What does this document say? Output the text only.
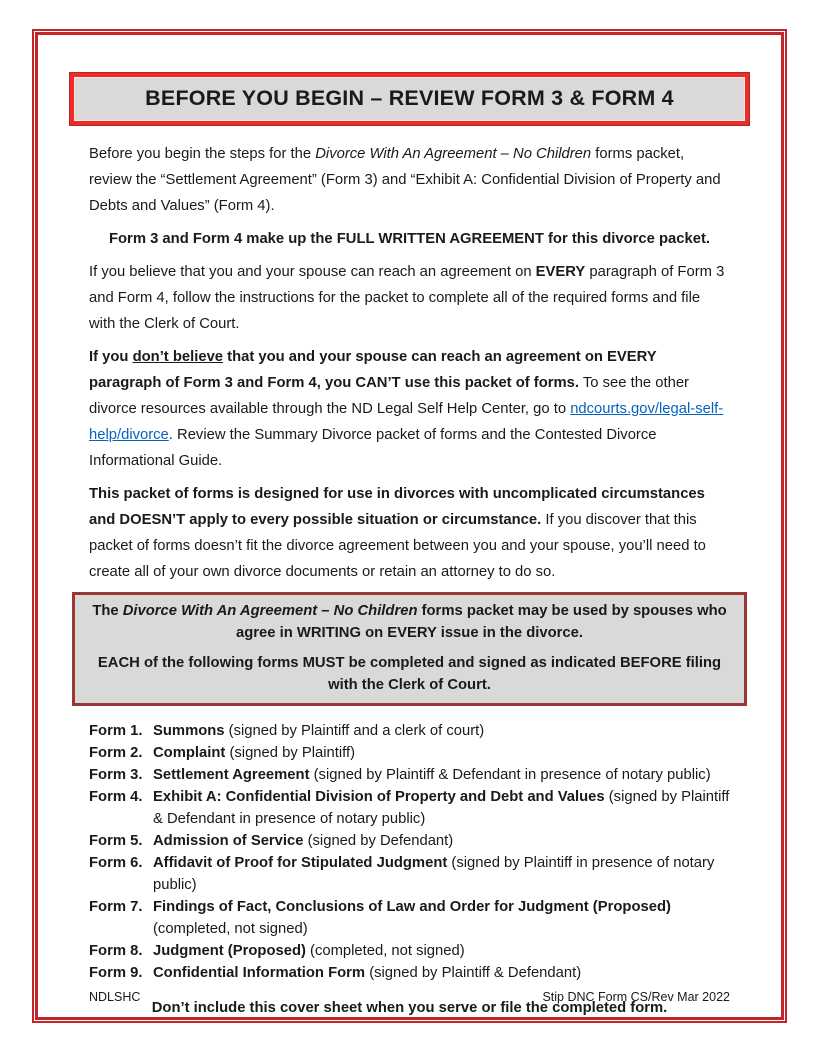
BEFORE YOU BEGIN – REVIEW FORM 3 & FORM 4

Before you begin the steps for the Divorce With An Agreement – No Children forms packet, review the “Settlement Agreement” (Form 3) and “Exhibit A: Confidential Division of Property and Debts and Values” (Form 4).

Form 3 and Form 4 make up the FULL WRITTEN AGREEMENT for this divorce packet.

If you believe that you and your spouse can reach an agreement on EVERY paragraph of Form 3 and Form 4, follow the instructions for the packet to complete all of the required forms and file with the Clerk of Court.

If you don’t believe that you and your spouse can reach an agreement on EVERY paragraph of Form 3 and Form 4, you CAN’T use this packet of forms. To see the other divorce resources available through the ND Legal Self Help Center, go to ndcourts.gov/legal-self-help/divorce. Review the Summary Divorce packet of forms and the Contested Divorce Informational Guide.

This packet of forms is designed for use in divorces with uncomplicated circumstances and DOESN’T apply to every possible situation or circumstance. If you discover that this packet of forms doesn’t fit the divorce agreement between you and your spouse, you’ll need to create all of your own divorce documents or retain an attorney to do so.

The Divorce With An Agreement – No Children forms packet may be used by spouses who agree in WRITING on EVERY issue in the divorce.

EACH of the following forms MUST be completed and signed as indicated BEFORE filing with the Clerk of Court.

Form 1. Summons (signed by Plaintiff and a clerk of court)
Form 2. Complaint (signed by Plaintiff)
Form 3. Settlement Agreement (signed by Plaintiff & Defendant in presence of notary public)
Form 4. Exhibit A: Confidential Division of Property and Debt and Values (signed by Plaintiff & Defendant in presence of notary public)
Form 5. Admission of Service (signed by Defendant)
Form 6. Affidavit of Proof for Stipulated Judgment (signed by Plaintiff in presence of notary public)
Form 7. Findings of Fact, Conclusions of Law and Order for Judgment (Proposed) (completed, not signed)
Form 8. Judgment (Proposed) (completed, not signed)
Form 9. Confidential Information Form (signed by Plaintiff & Defendant)

Don’t include this cover sheet when you serve or file the completed form.

NDLSHC	Stip DNC Form CS/Rev Mar 2022
